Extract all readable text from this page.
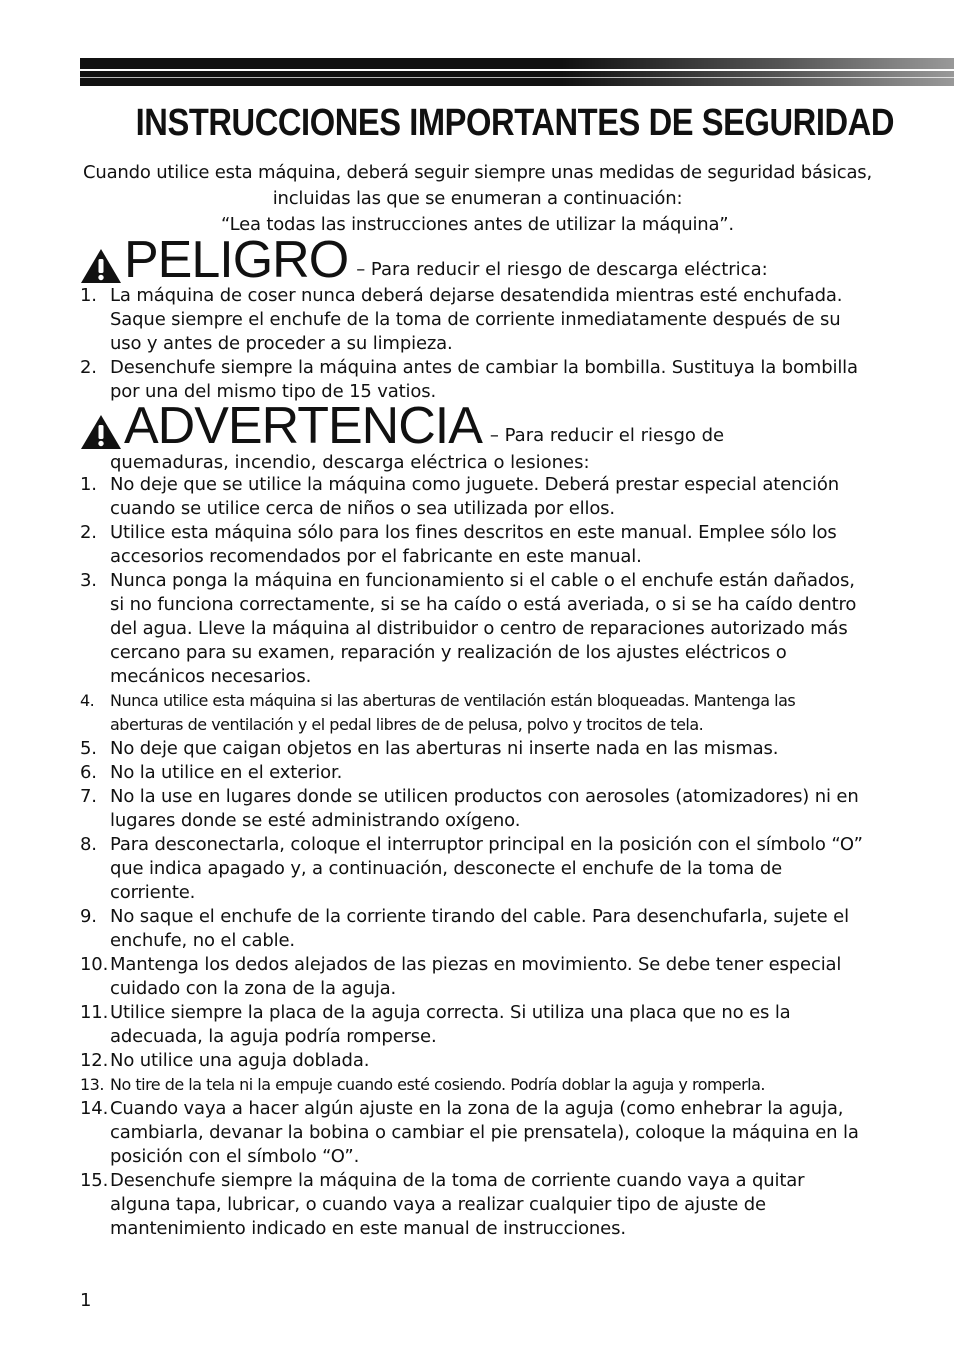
INSTRUCCIONES IMPORTANTES DE SEGURIDAD
Cuando utilice esta máquina, deberá seguir siempre unas medidas de seguridad básicas,
incluidas las que se enumeran a continuación:
“Lea todas las instrucciones antes de utilizar la máquina”.
PELIGRO – Para reducir el riesgo de descarga eléctrica:
1. La máquina de coser nunca deberá dejarse desatendida mientras esté enchufada. Saque siempre el enchufe de la toma de corriente inmediatamente después de su uso y antes de proceder a su limpieza.
2. Desenchufe siempre la máquina antes de cambiar la bombilla. Sustituya la bombilla por una del mismo tipo de 15 vatios.
ADVERTENCIA – Para reducir el riesgo de
quemaduras, incendio, descarga eléctrica o lesiones:
1. No deje que se utilice la máquina como juguete. Deberá prestar especial atención cuando se utilice cerca de niños o sea utilizada por ellos.
2. Utilice esta máquina sólo para los fines descritos en este manual. Emplee sólo los accesorios recomendados por el fabricante en este manual.
3. Nunca ponga la máquina en funcionamiento si el cable o el enchufe están dañados, si no funciona correctamente, si se ha caído o está averiada, o si se ha caído dentro del agua. Lleve la máquina al distribuidor o centro de reparaciones autorizado más cercano para su examen, reparación y realización de los ajustes eléctricos o mecánicos necesarios.
4. Nunca utilice esta máquina si las aberturas de ventilación están bloqueadas. Mantenga las aberturas de ventilación y el pedal libres de de pelusa, polvo y trocitos de tela.
5. No deje que caigan objetos en las aberturas ni inserte nada en las mismas.
6. No la utilice en el exterior.
7. No la use en lugares donde se utilicen productos con aerosoles (atomizadores) ni en lugares donde se esté administrando oxígeno.
8. Para desconectarla, coloque el interruptor principal en la posición con el símbolo “O” que indica apagado y, a continuación, desconecte el enchufe de la toma de corriente.
9. No saque el enchufe de la corriente tirando del cable. Para desenchufarla, sujete el enchufe, no el cable.
10. Mantenga los dedos alejados de las piezas en movimiento. Se debe tener especial cuidado con la zona de la aguja.
11. Utilice siempre la placa de la aguja correcta. Si utiliza una placa que no es la adecuada, la aguja podría romperse.
12. No utilice una aguja doblada.
13. No tire de la tela ni la empuje cuando esté cosiendo. Podría doblar la aguja y romperla.
14. Cuando vaya a hacer algún ajuste en la zona de la aguja (como enhebrar la aguja, cambiarla, devanar la bobina o cambiar el pie prensatela), coloque la máquina en la posición con el símbolo “O”.
15. Desenchufe siempre la máquina de la toma de corriente cuando vaya a quitar alguna tapa, lubricar, o cuando vaya a realizar cualquier tipo de ajuste de mantenimiento indicado en este manual de instrucciones.
1
